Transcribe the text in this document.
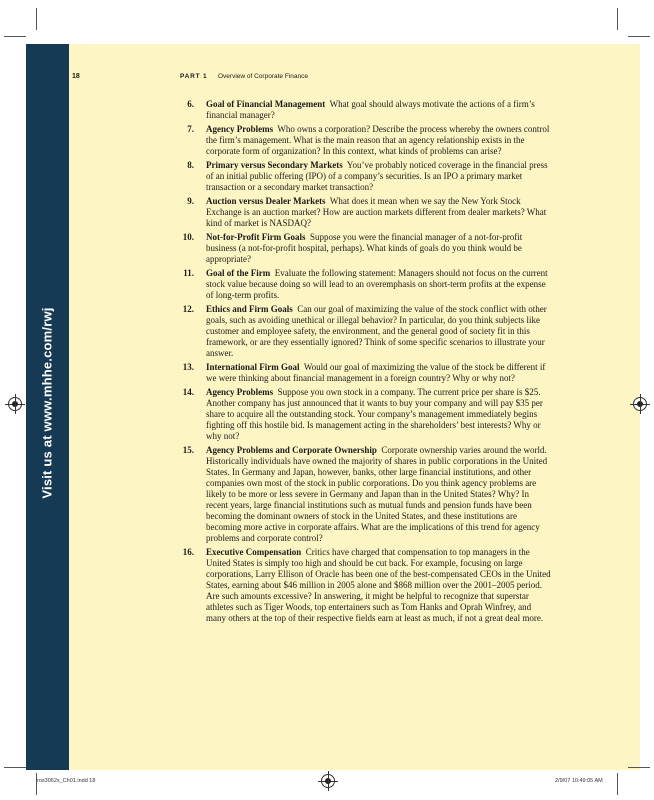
Visit us at www.mhhe.com/rwj
18	PART 1 Overview of Corporate Finance
6. Goal of Financial Management What goal should always motivate the actions of a firm’s financial manager?
7. Agency Problems Who owns a corporation? Describe the process whereby the owners control the firm’s management. What is the main reason that an agency relationship exists in the corporate form of organization? In this context, what kinds of problems can arise?
8. Primary versus Secondary Markets You’ve probably noticed coverage in the financial press of an initial public offering (IPO) of a company’s securities. Is an IPO a primary market transaction or a secondary market transaction?
9. Auction versus Dealer Markets What does it mean when we say the New York Stock Exchange is an auction market? How are auction markets different from dealer markets? What kind of market is NASDAQ?
10. Not-for-Profit Firm Goals Suppose you were the financial manager of a not-for-profit business (a not-for-profit hospital, perhaps). What kinds of goals do you think would be appropriate?
11. Goal of the Firm Evaluate the following statement: Managers should not focus on the current stock value because doing so will lead to an overemphasis on short-term profits at the expense of long-term profits.
12. Ethics and Firm Goals Can our goal of maximizing the value of the stock conflict with other goals, such as avoiding unethical or illegal behavior? In particular, do you think subjects like customer and employee safety, the environment, and the general good of society fit in this framework, or are they essentially ignored? Think of some specific scenarios to illustrate your answer.
13. International Firm Goal Would our goal of maximizing the value of the stock be different if we were thinking about financial management in a foreign country? Why or why not?
14. Agency Problems Suppose you own stock in a company. The current price per share is $25. Another company has just announced that it wants to buy your company and will pay $35 per share to acquire all the outstanding stock. Your company’s management immediately begins fighting off this hostile bid. Is management acting in the shareholders’ best interests? Why or why not?
15. Agency Problems and Corporate Ownership Corporate ownership varies around the world. Historically individuals have owned the majority of shares in public corporations in the United States. In Germany and Japan, however, banks, other large financial institutions, and other companies own most of the stock in public corporations. Do you think agency problems are likely to be more or less severe in Germany and Japan than in the United States? Why? In recent years, large financial institutions such as mutual funds and pension funds have been becoming the dominant owners of stock in the United States, and these institutions are becoming more active in corporate affairs. What are the implications of this trend for agency problems and corporate control?
16. Executive Compensation Critics have charged that compensation to top managers in the United States is simply too high and should be cut back. For example, focusing on large corporations, Larry Ellison of Oracle has been one of the best-compensated CEOs in the United States, earning about $46 million in 2005 alone and $868 million over the 2001–2005 period. Are such amounts excessive? In answering, it might be helpful to recognize that superstar athletes such as Tiger Woods, top entertainers such as Tom Hanks and Oprah Winfrey, and many others at the top of their respective fields earn at least as much, if not a great deal more.
ros3062x_Ch01.indd 18	2/9/07 10:49:05 AM
